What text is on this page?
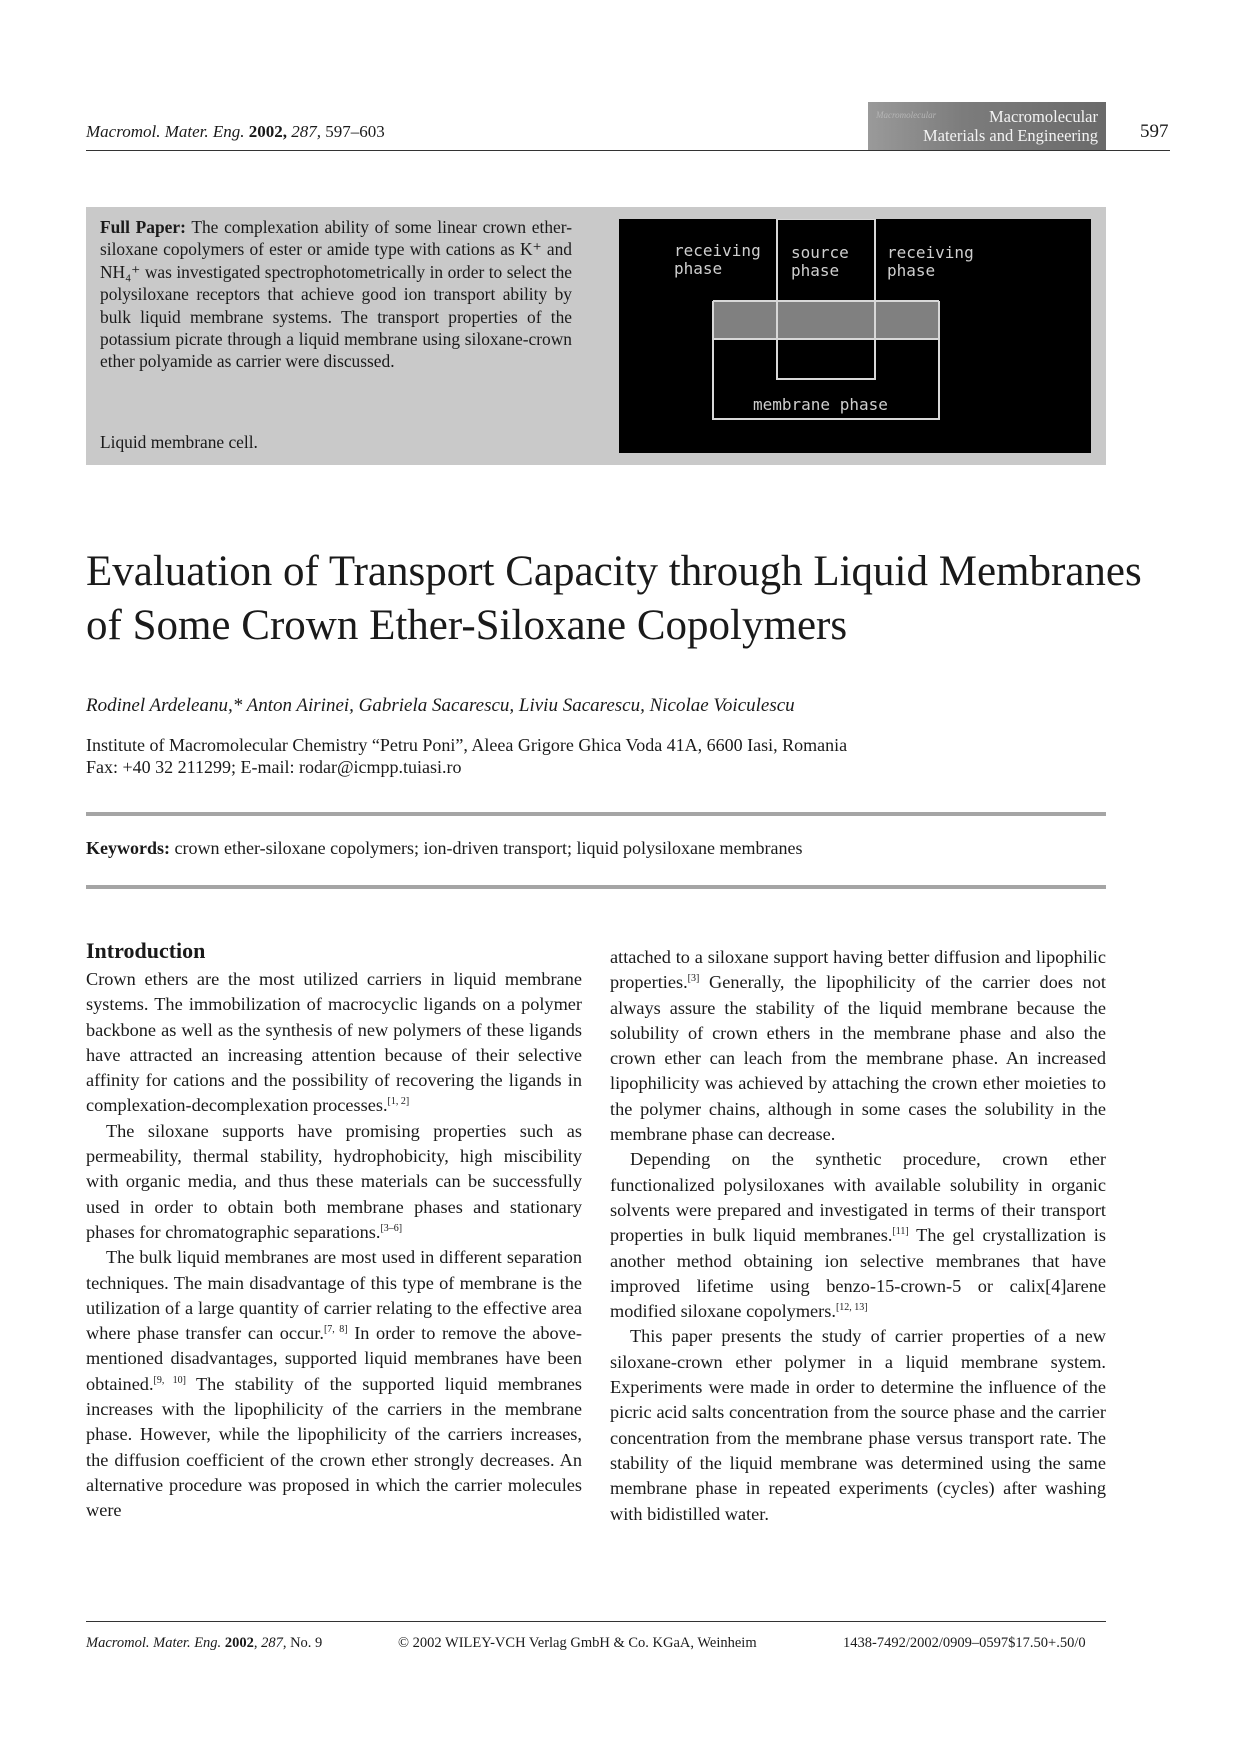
Macromol. Mater. Eng. 2002, 287, 597–603
Macromolecular	Macromolecular
Materials and Engineering 597
Full Paper: The complexation ability of some linear crown ether-siloxane copolymers of ester or amide type with cations as K⁺ and NH₄⁺ was investigated spectrophotometrically in order to select the polysiloxane receptors that achieve good ion transport ability by bulk liquid membrane systems. The transport properties of the potassium picrate through a liquid membrane using siloxane-crown ether polyamide as carrier were discussed.
Liquid membrane cell.
receiving
phase
source
phase
receiving
phase
membrane phase
Evaluation of Transport Capacity through Liquid Membranes of Some Crown Ether-Siloxane Copolymers
Rodinel Ardeleanu,* Anton Airinei, Gabriela Sacarescu, Liviu Sacarescu, Nicolae Voiculescu
Institute of Macromolecular Chemistry “Petru Poni”, Aleea Grigore Ghica Voda 41A, 6600 Iasi, Romania
Fax: +40 32 211299; E-mail: rodar@icmpp.tuiasi.ro
Keywords: crown ether-siloxane copolymers; ion-driven transport; liquid polysiloxane membranes
Introduction

Crown ethers are the most utilized carriers in liquid membrane systems. The immobilization of macrocyclic ligands on a polymer backbone as well as the synthesis of new polymers of these ligands have attracted an increasing attention because of their selective affinity for cations and the possibility of recovering the ligands in complexation-decomplexation processes.[1, 2]

The siloxane supports have promising properties such as permeability, thermal stability, hydrophobicity, high miscibility with organic media, and thus these materials can be successfully used in order to obtain both membrane phases and stationary phases for chromatographic separations.[3–6]

The bulk liquid membranes are most used in different separation techniques. The main disadvantage of this type of membrane is the utilization of a large quantity of carrier relating to the effective area where phase transfer can occur.[7, 8] In order to remove the above-mentioned disadvantages, supported liquid membranes have been obtained.[9, 10] The stability of the supported liquid membranes increases with the lipophilicity of the carriers in the membrane phase. However, while the lipophilicity of the carriers increases, the diffusion coefficient of the crown ether strongly decreases. An alternative procedure was proposed in which the carrier molecules were

attached to a siloxane support having better diffusion and lipophilic properties.[3] Generally, the lipophilicity of the carrier does not always assure the stability of the liquid membrane because the solubility of crown ethers in the membrane phase and also the crown ether can leach from the membrane phase. An increased lipophilicity was achieved by attaching the crown ether moieties to the polymer chains, although in some cases the solubility in the membrane phase can decrease.

Depending on the synthetic procedure, crown ether functionalized polysiloxanes with available solubility in organic solvents were prepared and investigated in terms of their transport properties in bulk liquid membranes.[11] The gel crystallization is another method obtaining ion selective membranes that have improved lifetime using benzo-15-crown-5 or calix[4]arene modified siloxane copolymers.[12, 13]

This paper presents the study of carrier properties of a new siloxane-crown ether polymer in a liquid membrane system. Experiments were made in order to determine the influence of the picric acid salts concentration from the source phase and the carrier concentration from the membrane phase versus transport rate. The stability of the liquid membrane was determined using the same membrane phase in repeated experiments (cycles) after washing with bidistilled water.

Macromol. Mater. Eng. 2002, 287, No. 9	© 2002 WILEY-VCH Verlag GmbH & Co. KGaA, Weinheim	1438-7492/2002/0909–0597$17.50+.50/0
